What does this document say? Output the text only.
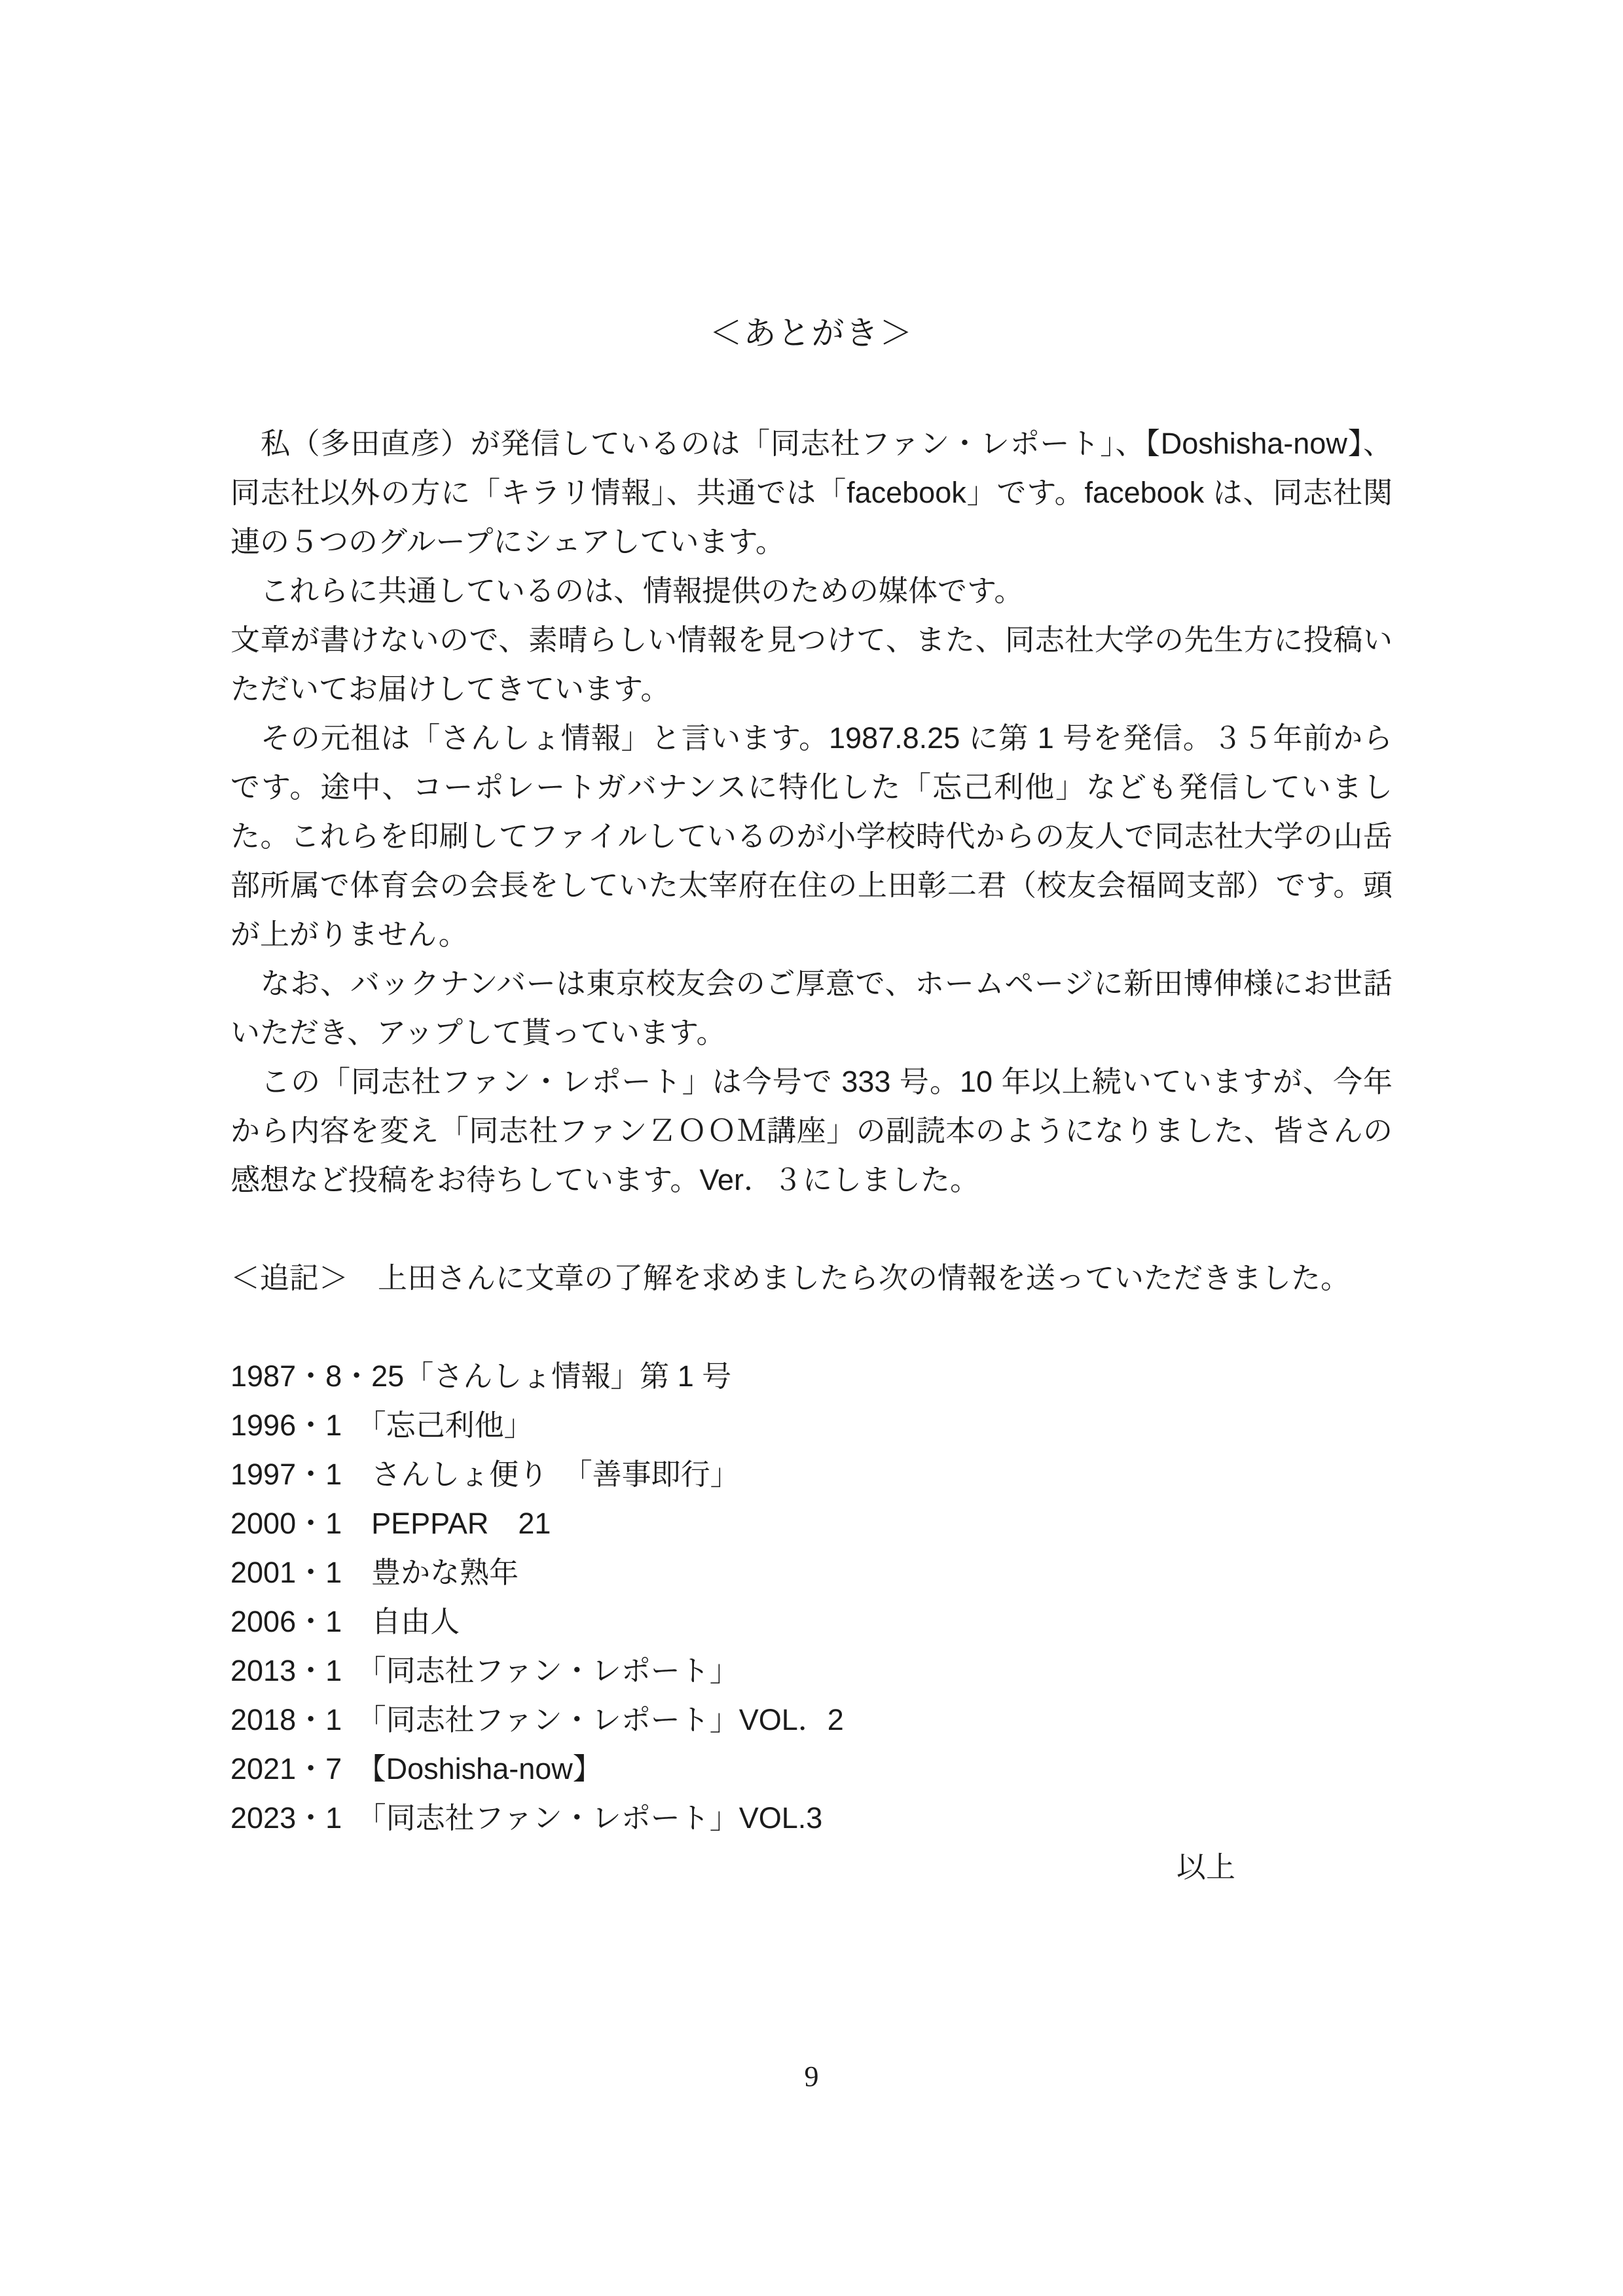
＜あとがき＞

　私（多田直彦）が発信しているのは「同志社ファン・レポート」、【Doshisha-now】、同志社以外の方に「キラリ情報」、共通では「facebook」です。facebook は、同志社関連の５つのグループにシェアしています。

　これらに共通しているのは、情報提供のための媒体です。

文章が書けないので、素晴らしい情報を見つけて、また、同志社大学の先生方に投稿いただいてお届けしてきています。

　その元祖は「さんしょ情報」と言います。1987.8.25 に第 1 号を発信。３５年前からです。途中、コーポレートガバナンスに特化した「忘己利他」なども発信していました。これらを印刷してファイルしているのが小学校時代からの友人で同志社大学の山岳部所属で体育会の会長をしていた太宰府在住の上田彰二君（校友会福岡支部）です。頭が上がりません。

　なお、バックナンバーは東京校友会のご厚意で、ホームページに新田博伸様にお世話いただき、アップして貰っています。

　この「同志社ファン・レポート」は今号で 333 号。10 年以上続いていますが、今年から内容を変え「同志社ファンＺＯＯＭ講座」の副読本のようになりました、皆さんの感想など投稿をお待ちしています。Ver．３にしました。

＜追記＞　上田さんに文章の了解を求めましたら次の情報を送っていただきました。

1987・8・25「さんしょ情報」第 1 号

1996・1　「忘己利他」

1997・1　さんしょ便り　「善事即行」

2000・1　PEPPAR　21

2001・1　豊かな熟年

2006・1　自由人

2013・1　「同志社ファン・レポート」

2018・1　「同志社ファン・レポート」VOL．2

2021・7　【Doshisha-now】

2023・1　「同志社ファン・レポート」VOL.3

以上

9
